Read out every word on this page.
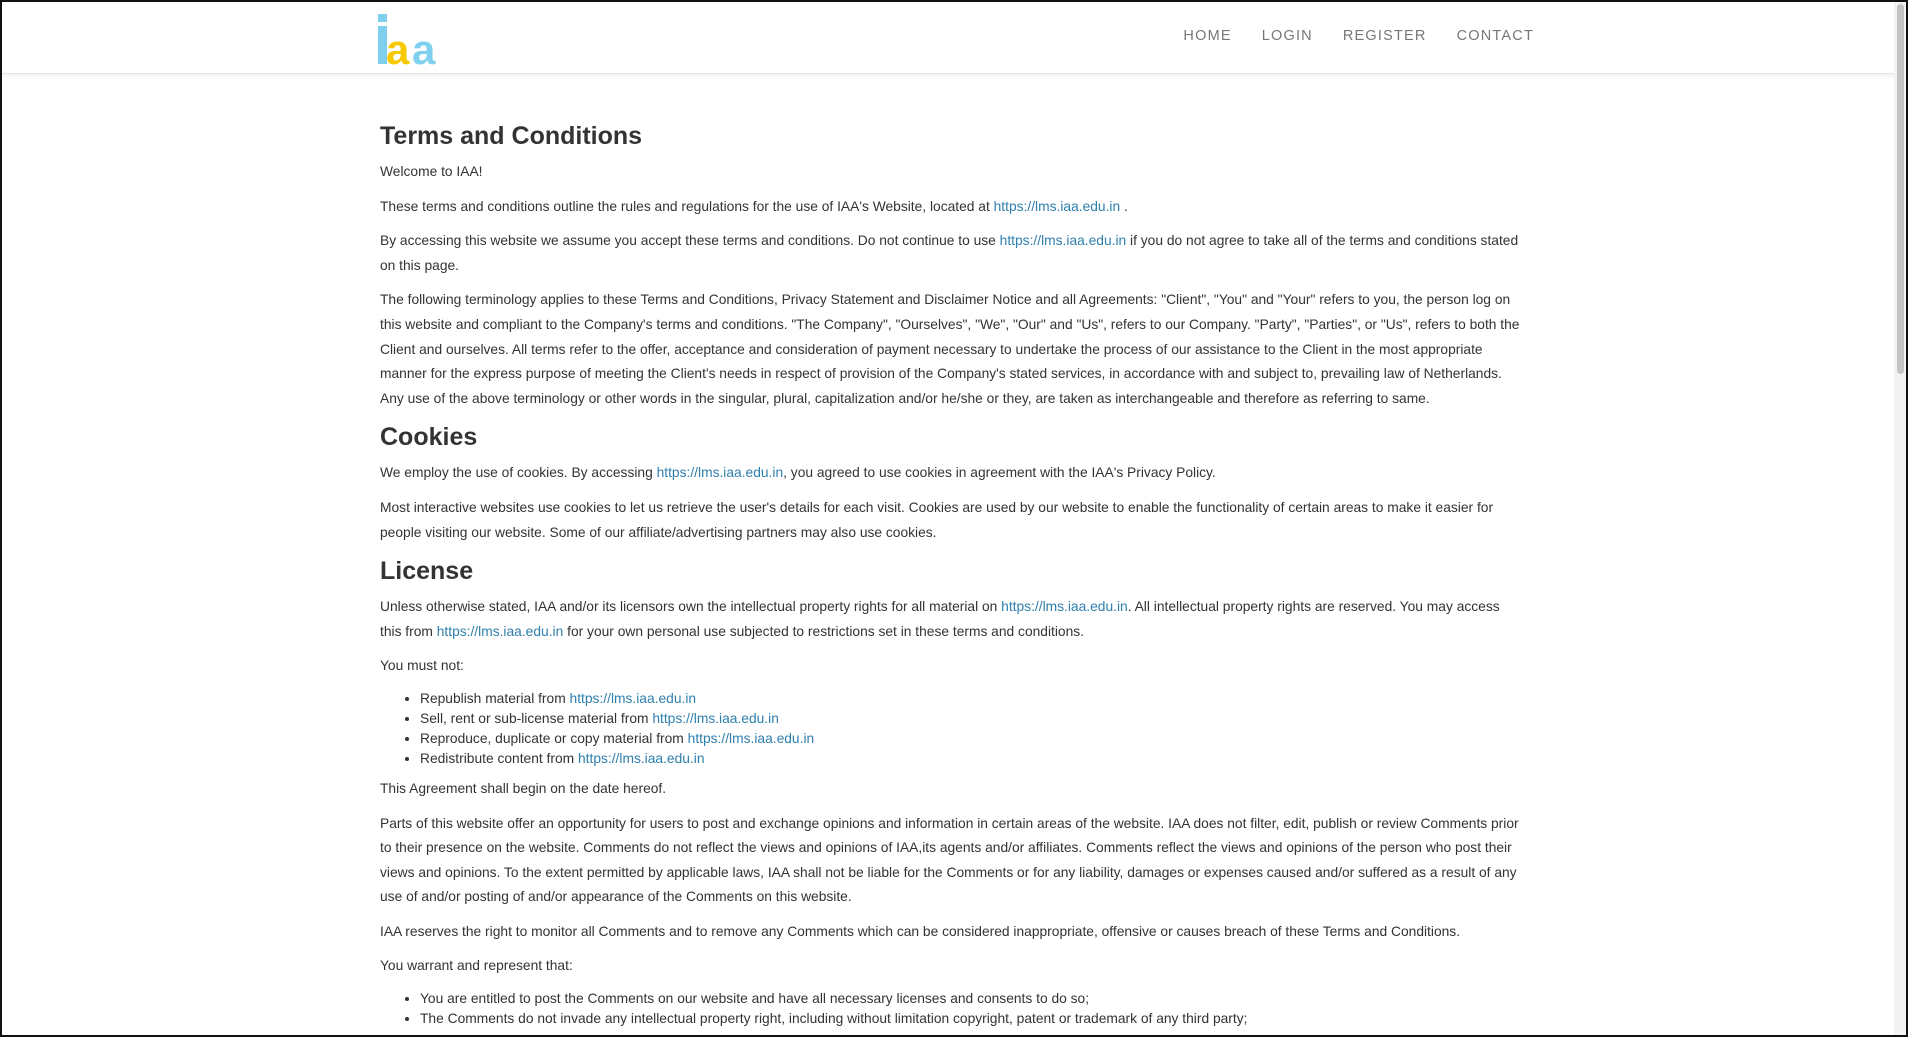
a a	HOME LOGIN REGISTER CONTACT
Terms and Conditions

Welcome to IAA!

These terms and conditions outline the rules and regulations for the use of IAA's Website, located at https://lms.iaa.edu.in .

By accessing this website we assume you accept these terms and conditions. Do not continue to use https://lms.iaa.edu.in if you do not agree to take all of the terms and conditions stated on this page.

The following terminology applies to these Terms and Conditions, Privacy Statement and Disclaimer Notice and all Agreements: "Client", "You" and "Your" refers to you, the person log on this website and compliant to the Company's terms and conditions. "The Company", "Ourselves", "We", "Our" and "Us", refers to our Company. "Party", "Parties", or "Us", refers to both the Client and ourselves. All terms refer to the offer, acceptance and consideration of payment necessary to undertake the process of our assistance to the Client in the most appropriate manner for the express purpose of meeting the Client's needs in respect of provision of the Company's stated services, in accordance with and subject to, prevailing law of Netherlands. Any use of the above terminology or other words in the singular, plural, capitalization and/or he/she or they, are taken as interchangeable and therefore as referring to same.

Cookies

We employ the use of cookies. By accessing https://lms.iaa.edu.in, you agreed to use cookies in agreement with the IAA's Privacy Policy.

Most interactive websites use cookies to let us retrieve the user's details for each visit. Cookies are used by our website to enable the functionality of certain areas to make it easier for people visiting our website. Some of our affiliate/advertising partners may also use cookies.

License

Unless otherwise stated, IAA and/or its licensors own the intellectual property rights for all material on https://lms.iaa.edu.in. All intellectual property rights are reserved. You may access this from https://lms.iaa.edu.in for your own personal use subjected to restrictions set in these terms and conditions.

You must not:

• Republish material from https://lms.iaa.edu.in
• Sell, rent or sub-license material from https://lms.iaa.edu.in
• Reproduce, duplicate or copy material from https://lms.iaa.edu.in
• Redistribute content from https://lms.iaa.edu.in

This Agreement shall begin on the date hereof.

Parts of this website offer an opportunity for users to post and exchange opinions and information in certain areas of the website. IAA does not filter, edit, publish or review Comments prior to their presence on the website. Comments do not reflect the views and opinions of IAA,its agents and/or affiliates. Comments reflect the views and opinions of the person who post their views and opinions. To the extent permitted by applicable laws, IAA shall not be liable for the Comments or for any liability, damages or expenses caused and/or suffered as a result of any use of and/or posting of and/or appearance of the Comments on this website.

IAA reserves the right to monitor all Comments and to remove any Comments which can be considered inappropriate, offensive or causes breach of these Terms and Conditions.

You warrant and represent that:

• You are entitled to post the Comments on our website and have all necessary licenses and consents to do so;
• The Comments do not invade any intellectual property right, including without limitation copyright, patent or trademark of any third party;
